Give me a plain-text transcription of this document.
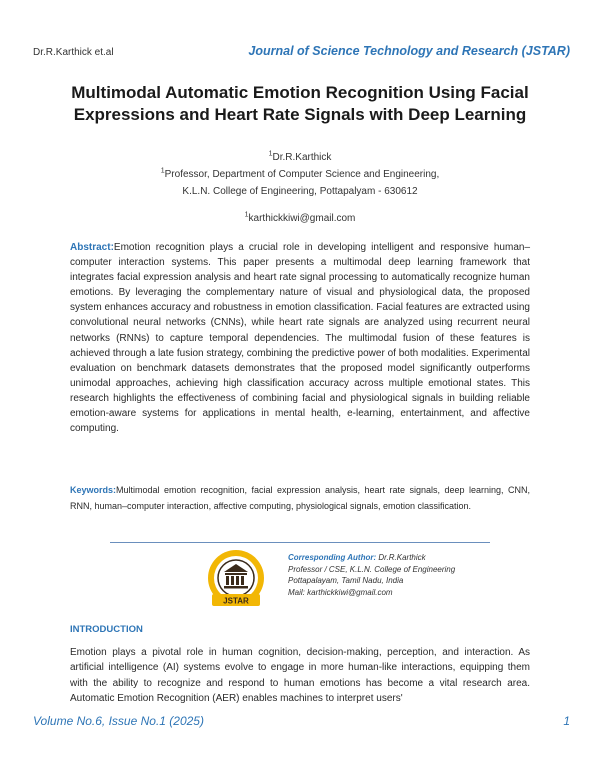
Dr.R.Karthick et.al	Journal of Science Technology and Research (JSTAR)
Multimodal Automatic Emotion Recognition Using Facial Expressions and Heart Rate Signals with Deep Learning
$^1$Dr.R.Karthick
$^1$Professor, Department of Computer Science and Engineering,
K.L.N. College of Engineering, Pottapalyam - 630612
$^1$karthickkiwi@gmail.com
Abstract:Emotion recognition plays a crucial role in developing intelligent and responsive human–computer interaction systems. This paper presents a multimodal deep learning framework that integrates facial expression analysis and heart rate signal processing to automatically recognize human emotions. By leveraging the complementary nature of visual and physiological data, the proposed system enhances accuracy and robustness in emotion classification. Facial features are extracted using convolutional neural networks (CNNs), while heart rate signals are analyzed using recurrent neural networks (RNNs) to capture temporal dependencies. The multimodal fusion of these features is achieved through a late fusion strategy, combining the predictive power of both modalities. Experimental evaluation on benchmark datasets demonstrates that the proposed model significantly outperforms unimodal approaches, achieving high classification accuracy across multiple emotional states. This research highlights the effectiveness of combining facial and physiological signals in building reliable emotion-aware systems for applications in mental health, e-learning, entertainment, and affective computing.
Keywords:Multimodal emotion recognition, facial expression analysis, heart rate signals, deep learning, CNN, RNN, human–computer interaction, affective computing, physiological signals, emotion classification.
JSTAR
Corresponding Author: Dr.R.Karthick
Professor / CSE, K.L.N. College of Engineering
Pottapalayam, Tamil Nadu, India
Mail: karthickkiwi@gmail.com
INTRODUCTION
Emotion plays a pivotal role in human cognition, decision-making, perception, and interaction. As artificial intelligence (AI) systems evolve to engage in more human-like interactions, equipping them with the ability to recognize and respond to human emotions has become a vital research area. Automatic Emotion Recognition (AER) enables machines to interpret users'
Volume No.6, Issue No.1 (2025)	1
